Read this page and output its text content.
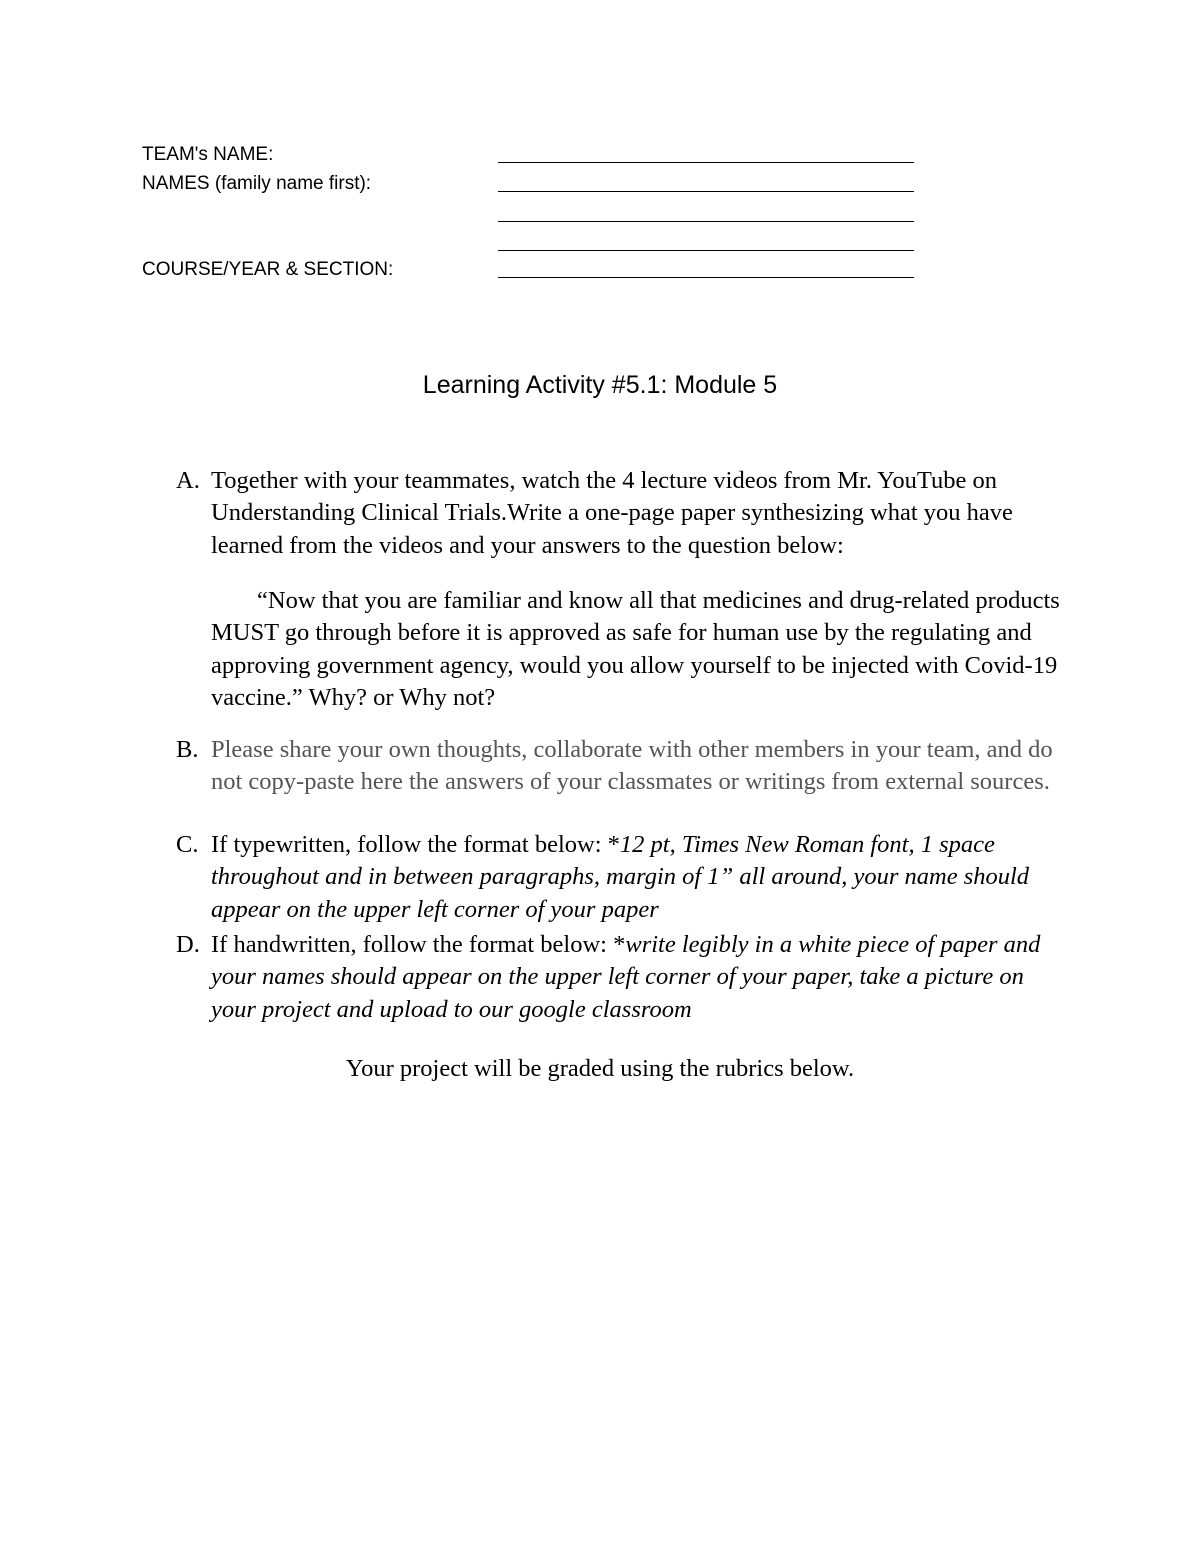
TEAM's NAME:
NAMES (family name first):
COURSE/YEAR & SECTION:
Learning Activity #5.1: Module 5
A. Together with your teammates, watch the 4 lecture videos from Mr. YouTube on Understanding Clinical Trials.Write a one-page paper synthesizing what you have learned from the videos and your answers to the question below:
“Now that you are familiar and know all that medicines and drug-related products MUST go through before it is approved as safe for human use by the regulating and approving government agency, would you allow yourself to be injected with Covid-19 vaccine.” Why? or Why not?
B. Please share your own thoughts, collaborate with other members in your team, and do not copy-paste here the answers of your classmates or writings from external sources.
C. If typewritten, follow the format below: *12 pt, Times New Roman font, 1 space throughout and in between paragraphs, margin of 1” all around, your name should appear on the upper left corner of your paper
D. If handwritten, follow the format below: *write legibly in a white piece of paper and your names should appear on the upper left corner of your paper, take a picture on your project and upload to our google classroom
Your project will be graded using the rubrics below.
